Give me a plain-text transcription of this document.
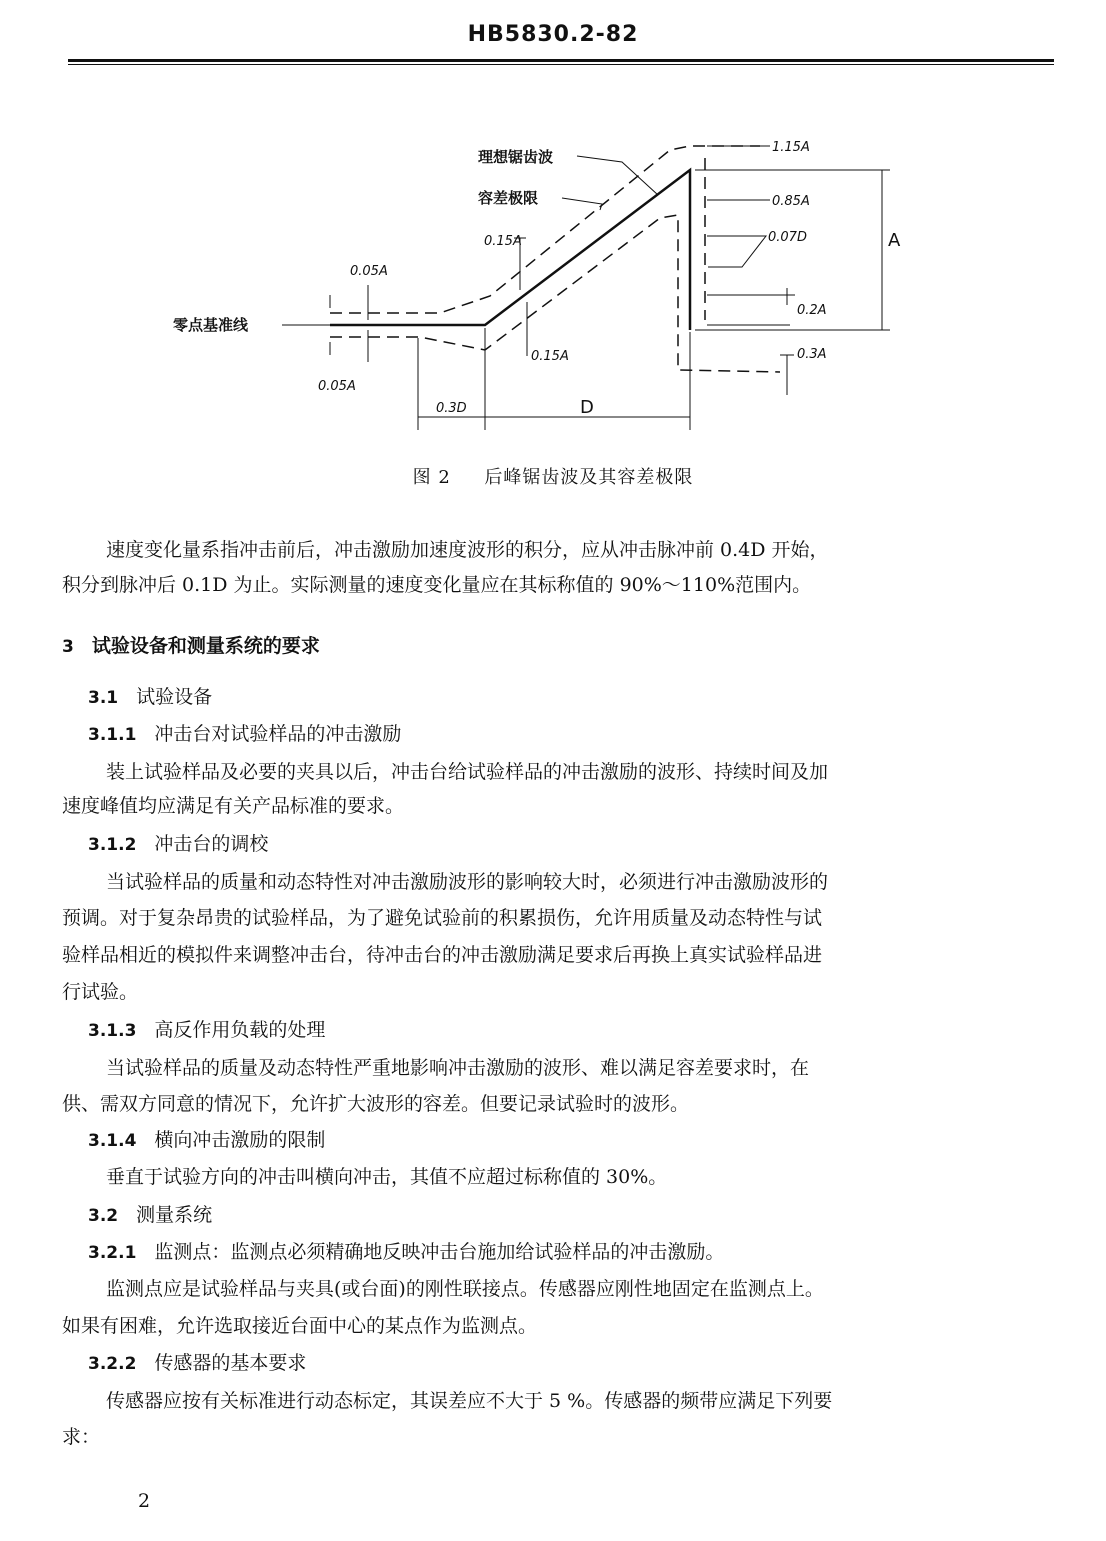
HB5830.2-82
理想锯齿波
容差极限
零点基准线
1.15A
0.85A
0.07D
0.2A
0.3A
0.15A
0.15A
0.05A
0.05A
0.3D	D
A
图 2 后峰锯齿波及其容差极限
速度变化量系指冲击前后，冲击激励加速度波形的积分，应从冲击脉冲前 0.4D 开始，
积分到脉冲后 0.1D 为止。实际测量的速度变化量应在其标称值的 90%～110%范围内。
3 试验设备和测量系统的要求
3.1 试验设备
3.1.1 冲击台对试验样品的冲击激励
装上试验样品及必要的夹具以后，冲击台给试验样品的冲击激励的波形、持续时间及加
速度峰值均应满足有关产品标准的要求。
3.1.2 冲击台的调校
当试验样品的质量和动态特性对冲击激励波形的影响较大时，必须进行冲击激励波形的
预调。对于复杂昂贵的试验样品，为了避免试验前的积累损伤，允许用质量及动态特性与试
验样品相近的模拟件来调整冲击台，待冲击台的冲击激励满足要求后再换上真实试验样品进
行试验。
3.1.3 高反作用负载的处理
当试验样品的质量及动态特性严重地影响冲击激励的波形、难以满足容差要求时，在
供、需双方同意的情况下，允许扩大波形的容差。但要记录试验时的波形。
3.1.4 横向冲击激励的限制
垂直于试验方向的冲击叫横向冲击，其值不应超过标称值的 30%。
3.2 测量系统
3.2.1 监测点：监测点必须精确地反映冲击台施加给试验样品的冲击激励。
监测点应是试验样品与夹具(或台面)的刚性联接点。传感器应刚性地固定在监测点上。
如果有困难，允许选取接近台面中心的某点作为监测点。
3.2.2 传感器的基本要求
传感器应按有关标准进行动态标定，其误差应不大于 5 %。传感器的频带应满足下列要
求：
2
